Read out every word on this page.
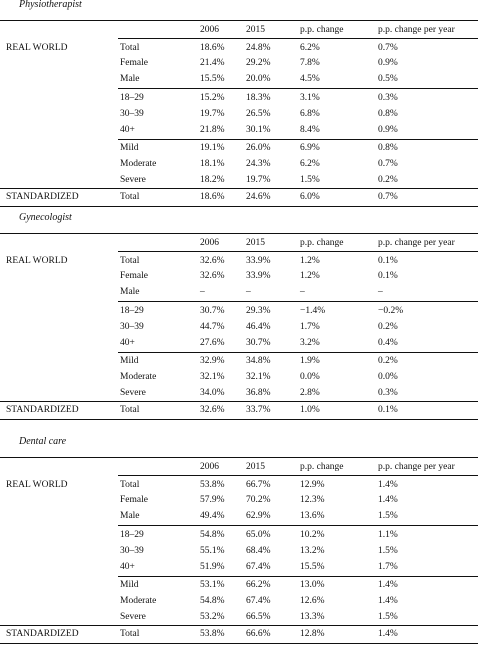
Physiotherapist
2006	2015	p.p. change	p.p. change per year
REAL WORLD	Total	18.6% 24.8%	6.2%	0.7%
Female	21.4% 29.2%	7.8%	0.9%
Male	15.5% 20.0%	4.5%	0.5%
18–29	15.2% 18.3%	3.1%	0.3%
30–39	19.7% 26.5%	6.8%	0.8%
40+	21.8% 30.1%	8.4%	0.9%
Mild	19.1% 26.0%	6.9%	0.8%
Moderate	18.1% 24.3%	6.2%	0.7%
Severe	18.2% 19.7%	1.5%	0.2%
STANDARDIZED	Total	18.6% 24.6%	6.0%	0.7%
Gynecologist
2006	2015	p.p. change	p.p. change per year
REAL WORLD	Total	32.6% 33.9%	1.2%	0.1%
Female	32.6% 33.9%	1.2%	0.1%
Male	–	–	–	–
18–29	30.7% 29.3%	−1.4%	−0.2%
30–39	44.7% 46.4%	1.7%	0.2%
40+	27.6% 30.7%	3.2%	0.4%
Mild	32.9% 34.8%	1.9%	0.2%
Moderate	32.1% 32.1%	0.0%	0.0%
Severe	34.0% 36.8%	2.8%	0.3%
STANDARDIZED	Total	32.6% 33.7%	1.0%	0.1%
Dental care
2006	2015	p.p. change	p.p. change per year
REAL WORLD	Total	53.8% 66.7%	12.9%	1.4%
Female	57.9% 70.2%	12.3%	1.4%
Male	49.4% 62.9%	13.6%	1.5%
18–29	54.8% 65.0%	10.2%	1.1%
30–39	55.1% 68.4%	13.2%	1.5%
40+	51.9% 67.4%	15.5%	1.7%
Mild	53.1% 66.2%	13.0%	1.4%
Moderate	54.8% 67.4%	12.6%	1.4%
Severe	53.2% 66.5%	13.3%	1.5%
STANDARDIZED	Total	53.8% 66.6%	12.8%	1.4%
